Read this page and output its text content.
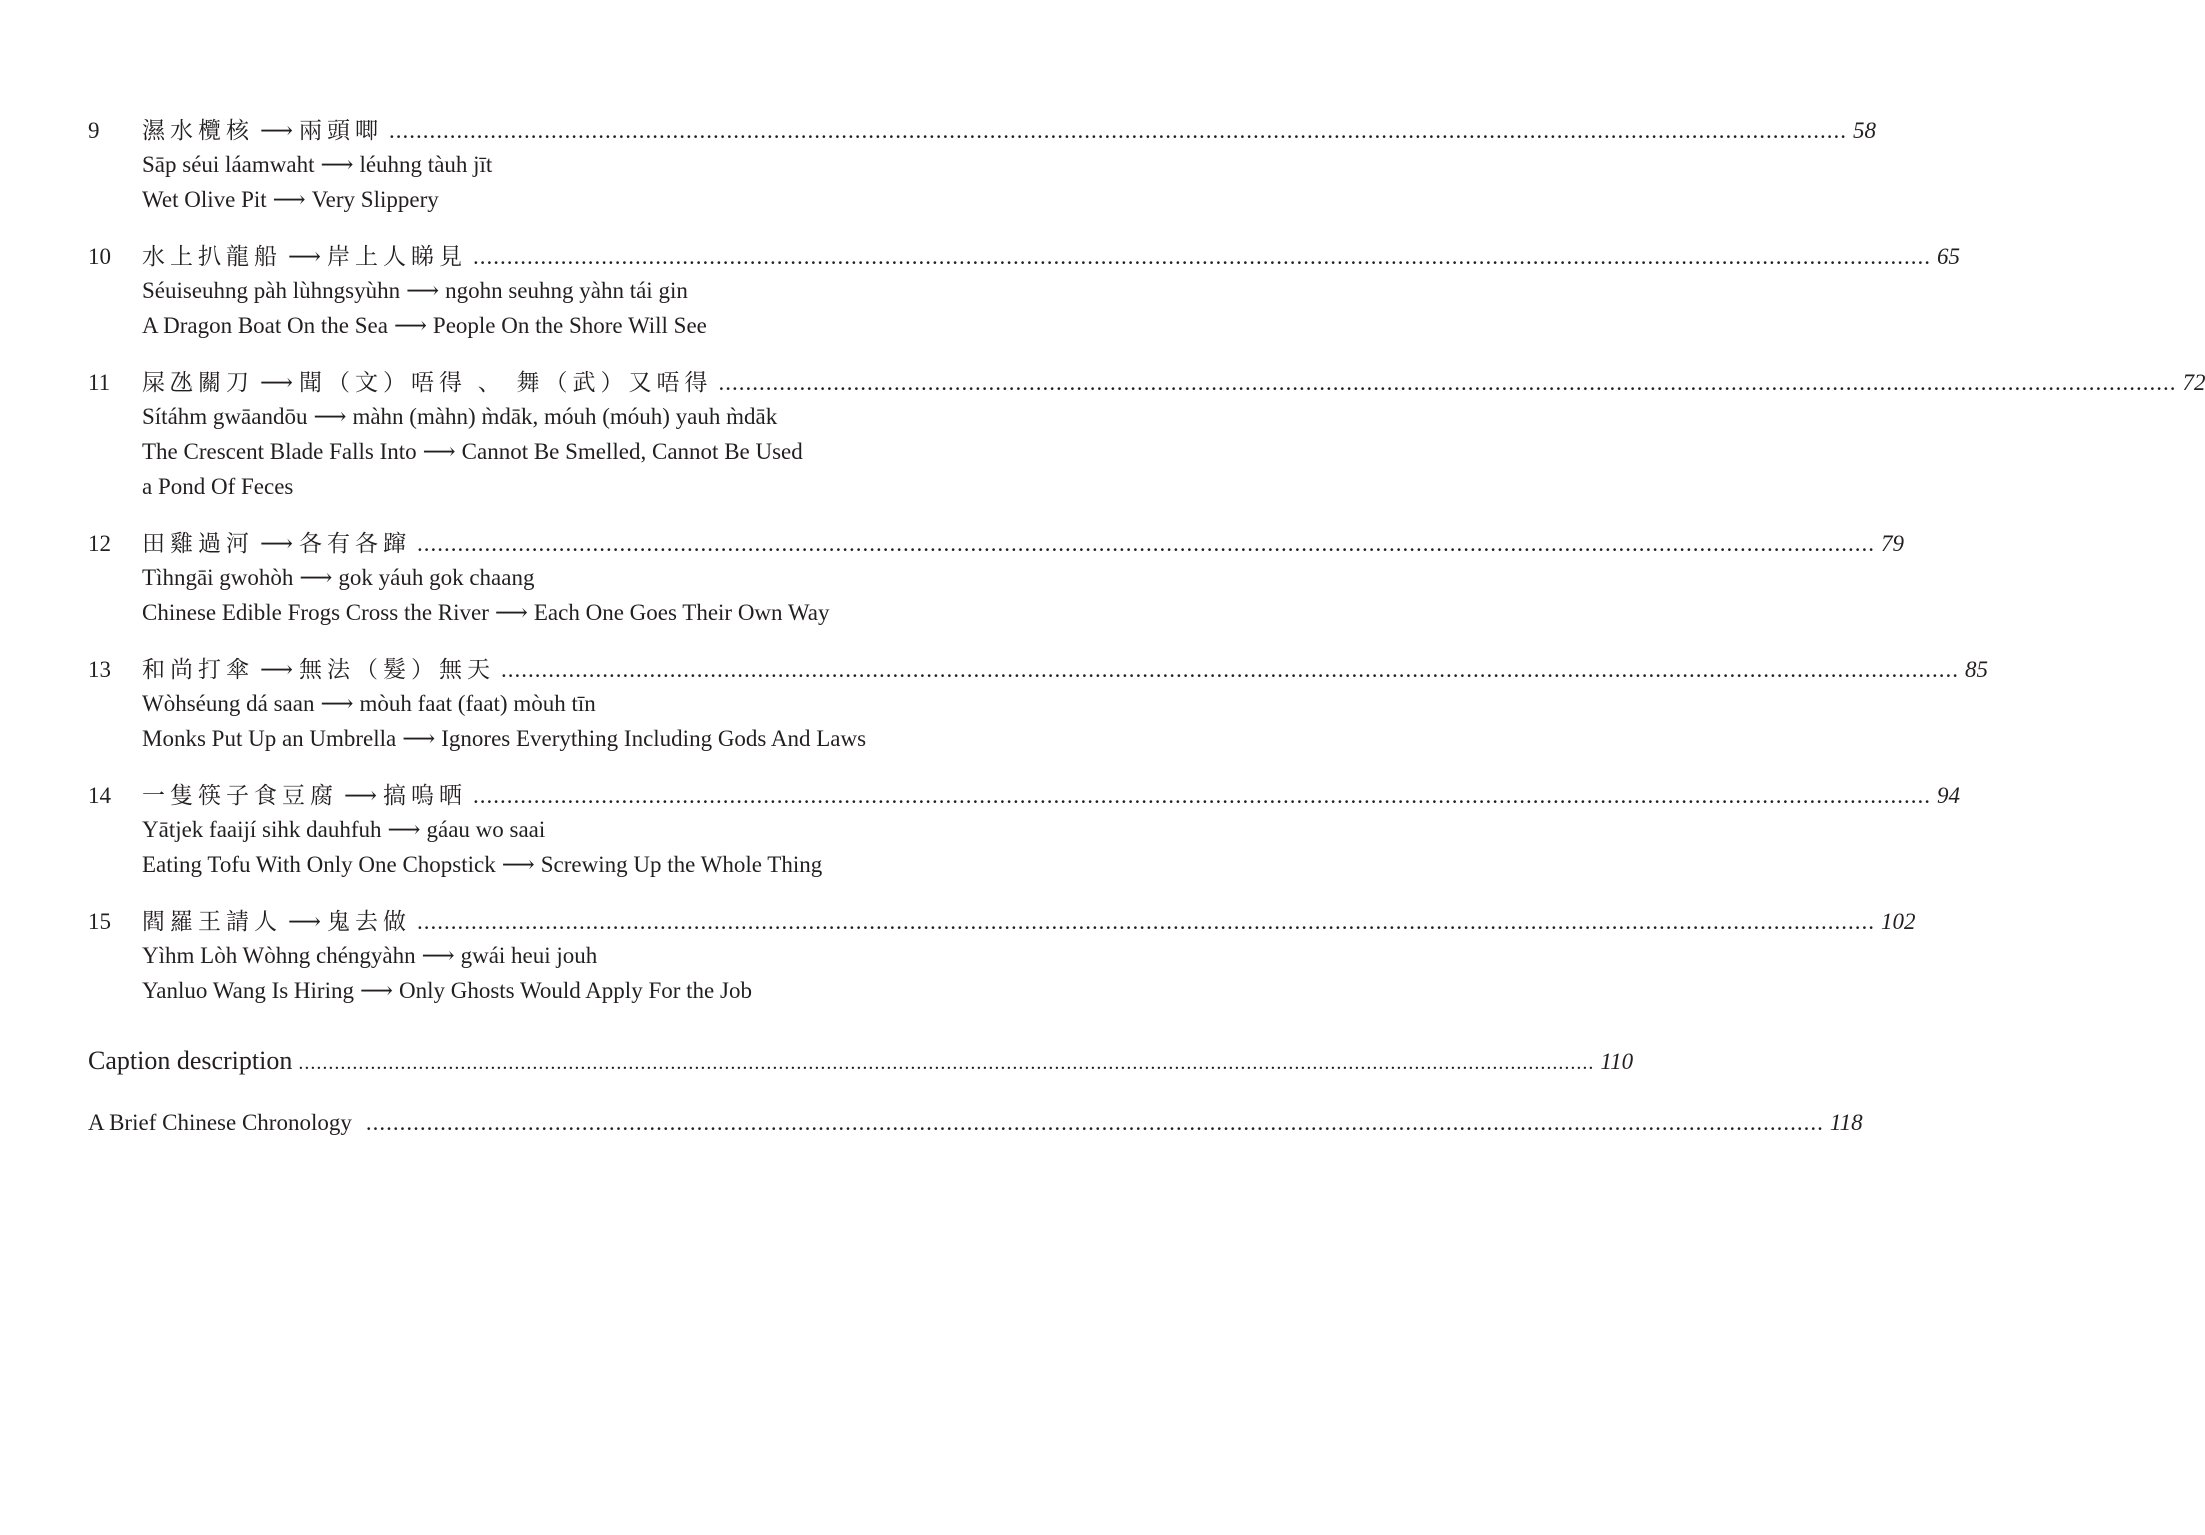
9	濕水欖核 ⟶ 兩頭唧 ........................................................................................................................................................................................................................ 58
Sāp séui láamwaht ⟶ léuhng tàuh jīt
Wet Olive Pit ⟶ Very Slippery
10	水上扒龍船 ⟶ 岸上人睇見 ........................................................................................................................................................................................................................ 65
Séuiseuhng pàh lùhngsyùhn ⟶ ngohn seuhng yàhn tái gin
A Dragon Boat On the Sea ⟶ People On the Shore Will See
11	屎氹關刀 ⟶ 聞（文）唔得 、 舞（武）又唔得 ........................................................................................................................................................................................................................ 72
Sítáhm gwāandōu ⟶ màhn (màhn) m̀dāk, móuh (móuh) yauh m̀dāk
The Crescent Blade Falls Into ⟶ Cannot Be Smelled, Cannot Be Used
a Pond Of Feces
12	田雞過河 ⟶ 各有各蹿 ........................................................................................................................................................................................................................ 79
Tìhngāi gwohòh ⟶ gok yáuh gok chaang
Chinese Edible Frogs Cross the River ⟶ Each One Goes Their Own Way
13	和尚打傘 ⟶ 無法（髮）無天 ........................................................................................................................................................................................................................ 85
Wòhséung dá saan ⟶ mòuh faat (faat) mòuh tīn
Monks Put Up an Umbrella ⟶ Ignores Everything Including Gods And Laws
14	一隻筷子食豆腐 ⟶ 搞嗚晒 ........................................................................................................................................................................................................................ 94
Yātjek faaijí sihk dauhfuh ⟶ gáau wo saai
Eating Tofu With Only One Chopstick ⟶ Screwing Up the Whole Thing
15	閻羅王請人 ⟶ 鬼去做 ........................................................................................................................................................................................................................ 102
Yìhm Lòh Wòhng chéngyàhn ⟶ gwái heui jouh
Yanluo Wang Is Hiring ⟶ Only Ghosts Would Apply For the Job
Caption description ........................................................................................................................................................................................................................ 110
A Brief Chinese Chronology ........................................................................................................................................................................................................................ 118
